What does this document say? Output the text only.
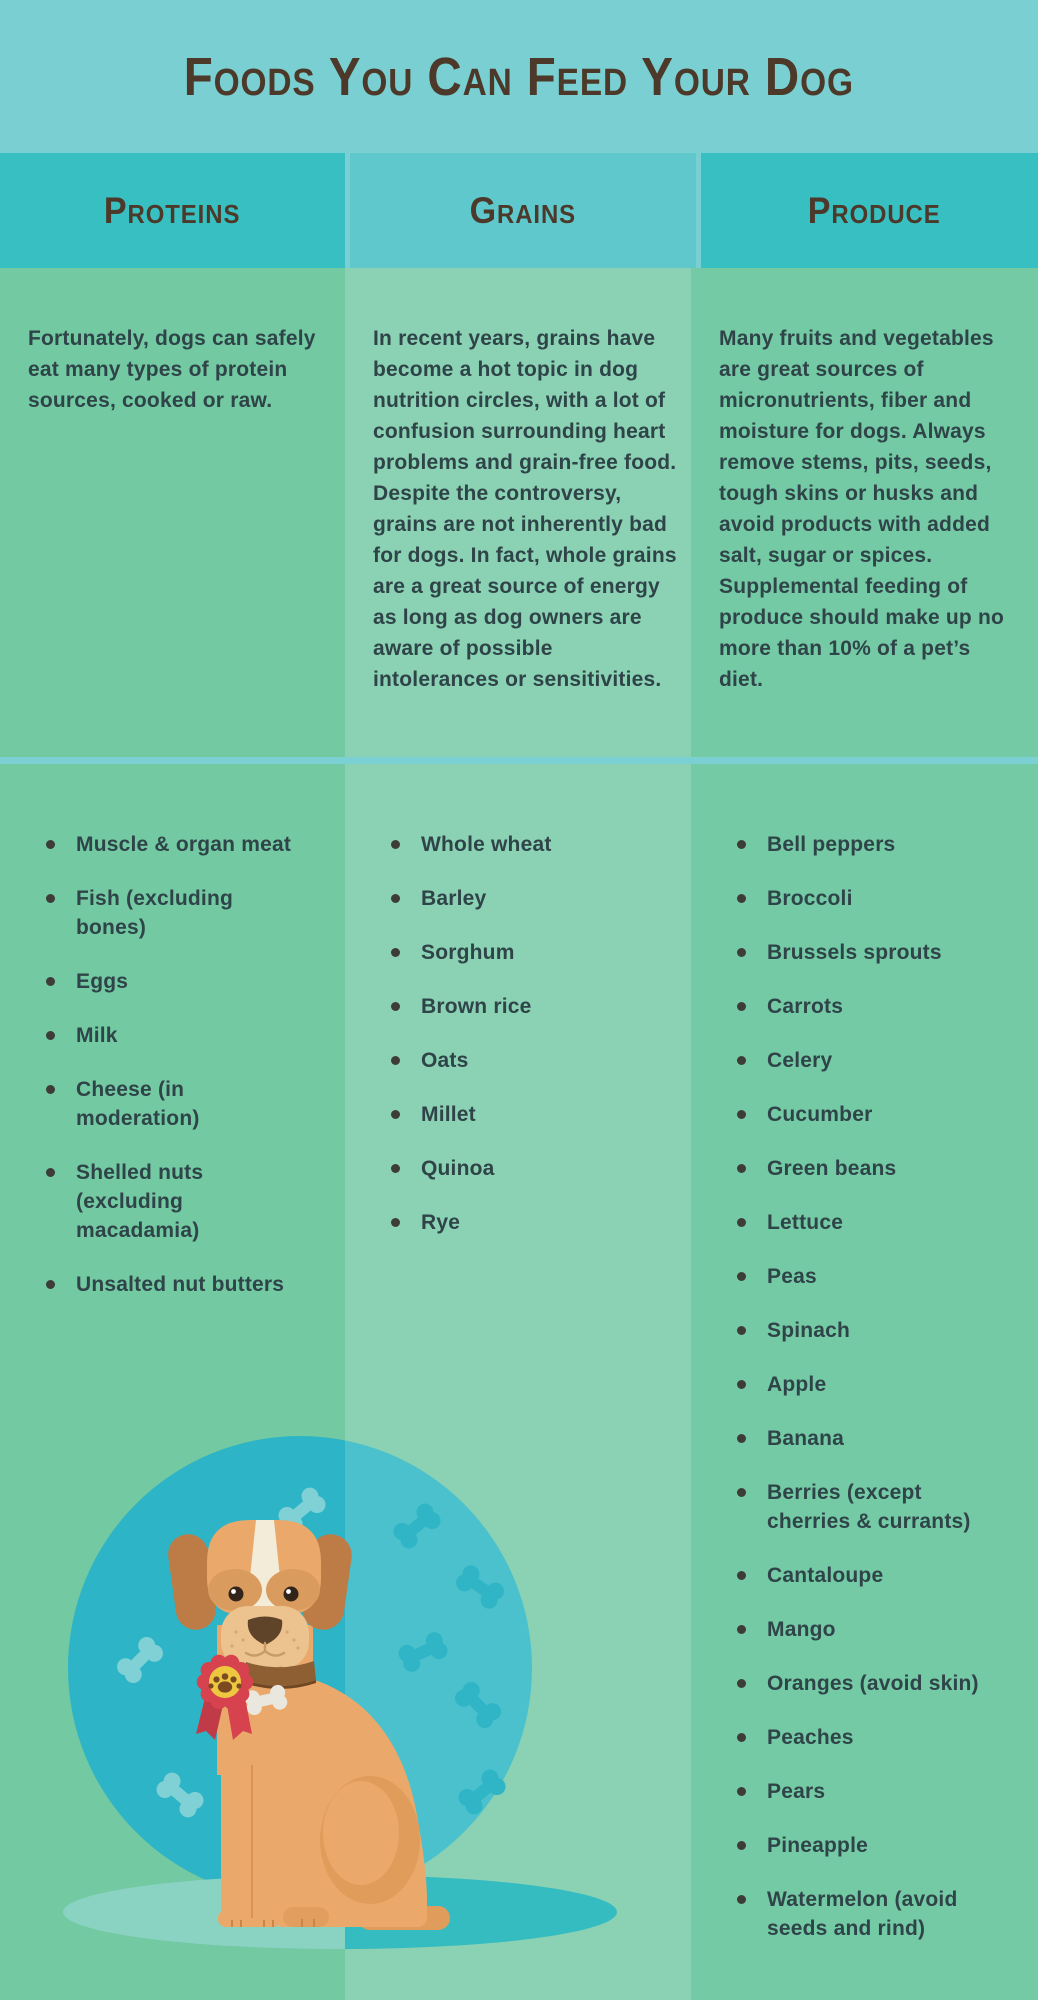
Foods You Can Feed Your Dog
Proteins	Grains	Produce
Fortunately, dogs can safely eat many types of protein sources, cooked or raw.
Muscle & organ meat
Fish (excluding bones)
Eggs
Milk
Cheese (in moderation)
Shelled nuts (excluding macadamia)
Unsalted nut butters
In recent years, grains have become a hot topic in dog nutrition circles, with a lot of confusion surrounding heart problems and grain-free food. Despite the controversy, grains are not inherently bad for dogs. In fact, whole grains are a great source of energy as long as dog owners are aware of possible intolerances or sensitivities.
Whole wheat
Barley
Sorghum
Brown rice
Oats
Millet
Quinoa
Rye
Many fruits and vegetables are great sources of micronutrients, fiber and moisture for dogs. Always remove stems, pits, seeds, tough skins or husks and avoid products with added salt, sugar or spices. Supplemental feeding of produce should make up no more than 10% of a pet’s diet.
Bell peppers
Broccoli
Brussels sprouts
Carrots
Celery
Cucumber
Green beans
Lettuce
Peas
Spinach
Apple
Banana
Berries (except cherries & currants)
Cantaloupe
Mango
Oranges (avoid skin)
Peaches
Pears
Pineapple
Watermelon (avoid seeds and rind)
